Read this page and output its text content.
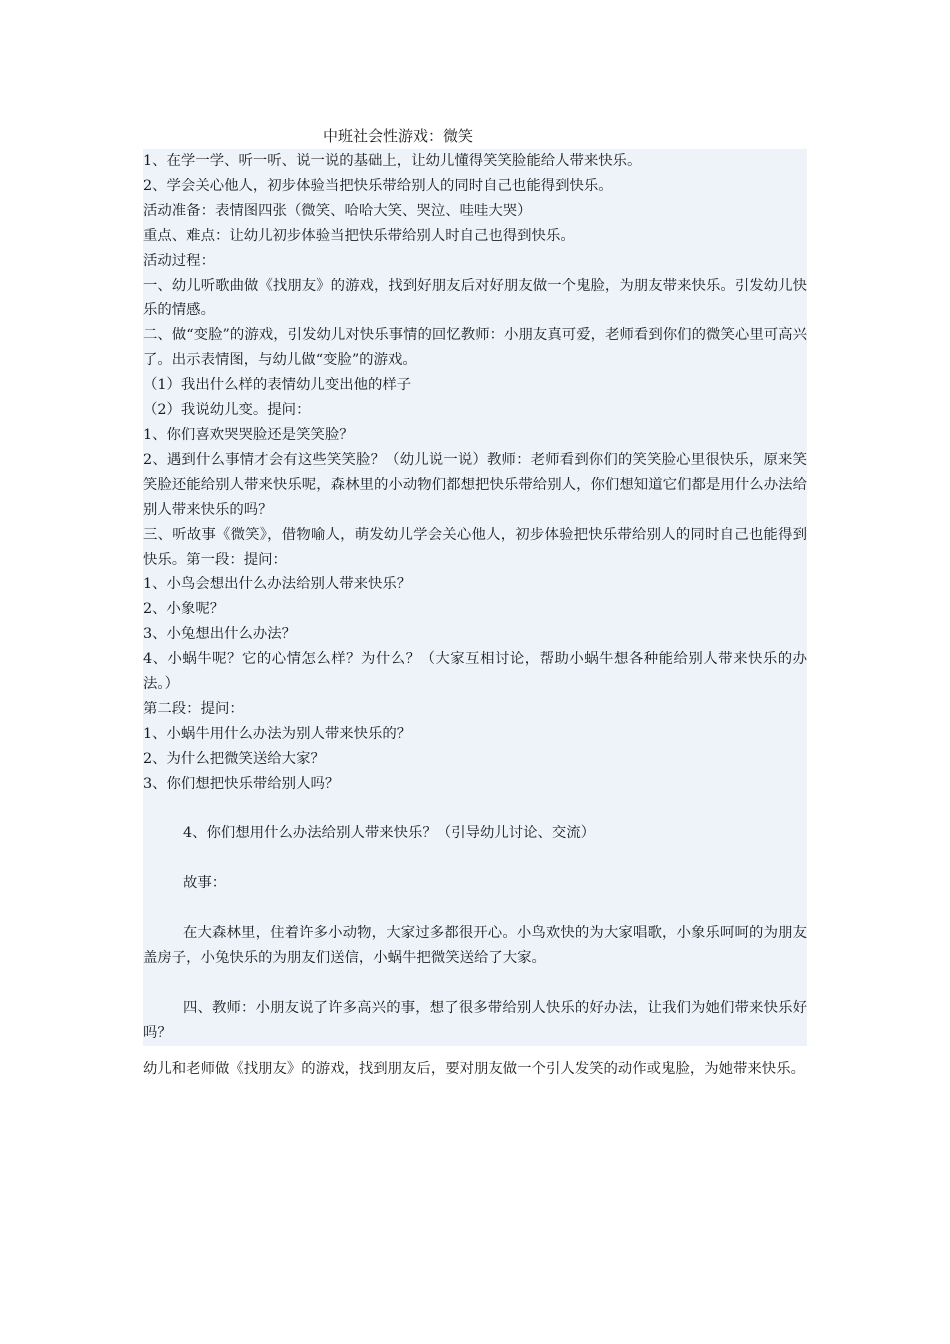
中班社会性游戏：微笑

1、在学一学、听一听、说一说的基础上，让幼儿懂得笑笑脸能给人带来快乐。

2、学会关心他人，初步体验当把快乐带给别人的同时自己也能得到快乐。

活动准备：表情图四张（微笑、哈哈大笑、哭泣、哇哇大哭）

重点、难点：让幼儿初步体验当把快乐带给别人时自己也得到快乐。

活动过程：

一、幼儿听歌曲做《找朋友》的游戏，找到好朋友后对好朋友做一个鬼脸，为朋友带来快乐。引发幼儿快乐的情感。

二、做“变脸”的游戏，引发幼儿对快乐事情的回忆教师：小朋友真可爱，老师看到你们的微笑心里可高兴了。出示表情图，与幼儿做“变脸”的游戏。

（1）我出什么样的表情幼儿变出他的样子

（2）我说幼儿变。提问：

1、你们喜欢哭哭脸还是笑笑脸？

2、遇到什么事情才会有这些笑笑脸？（幼儿说一说）教师：老师看到你们的笑笑脸心里很快乐，原来笑笑脸还能给别人带来快乐呢，森林里的小动物们都想把快乐带给别人，你们想知道它们都是用什么办法给别人带来快乐的吗？

三、听故事《微笑》，借物喻人，萌发幼儿学会关心他人，初步体验把快乐带给别人的同时自己也能得到快乐。第一段：提问：

1、小鸟会想出什么办法给别人带来快乐？

2、小象呢？

3、小兔想出什么办法？

4、小蜗牛呢？它的心情怎么样？为什么？（大家互相讨论，帮助小蜗牛想各种能给别人带来快乐的办法。）

第二段：提问：

1、小蜗牛用什么办法为别人带来快乐的？

2、为什么把微笑送给大家？

3、你们想把快乐带给别人吗？

4、你们想用什么办法给别人带来快乐？（引导幼儿讨论、交流）

故事：

在大森林里，住着许多小动物，大家过多都很开心。小鸟欢快的为大家唱歌，小象乐呵呵的为朋友盖房子，小兔快乐的为朋友们送信，小蜗牛把微笑送给了大家。

四、教师：小朋友说了许多高兴的事，想了很多带给别人快乐的好办法，让我们为她们带来快乐好吗？

幼儿和老师做《找朋友》的游戏，找到朋友后，要对朋友做一个引人发笑的动作或鬼脸，为她带来快乐。
